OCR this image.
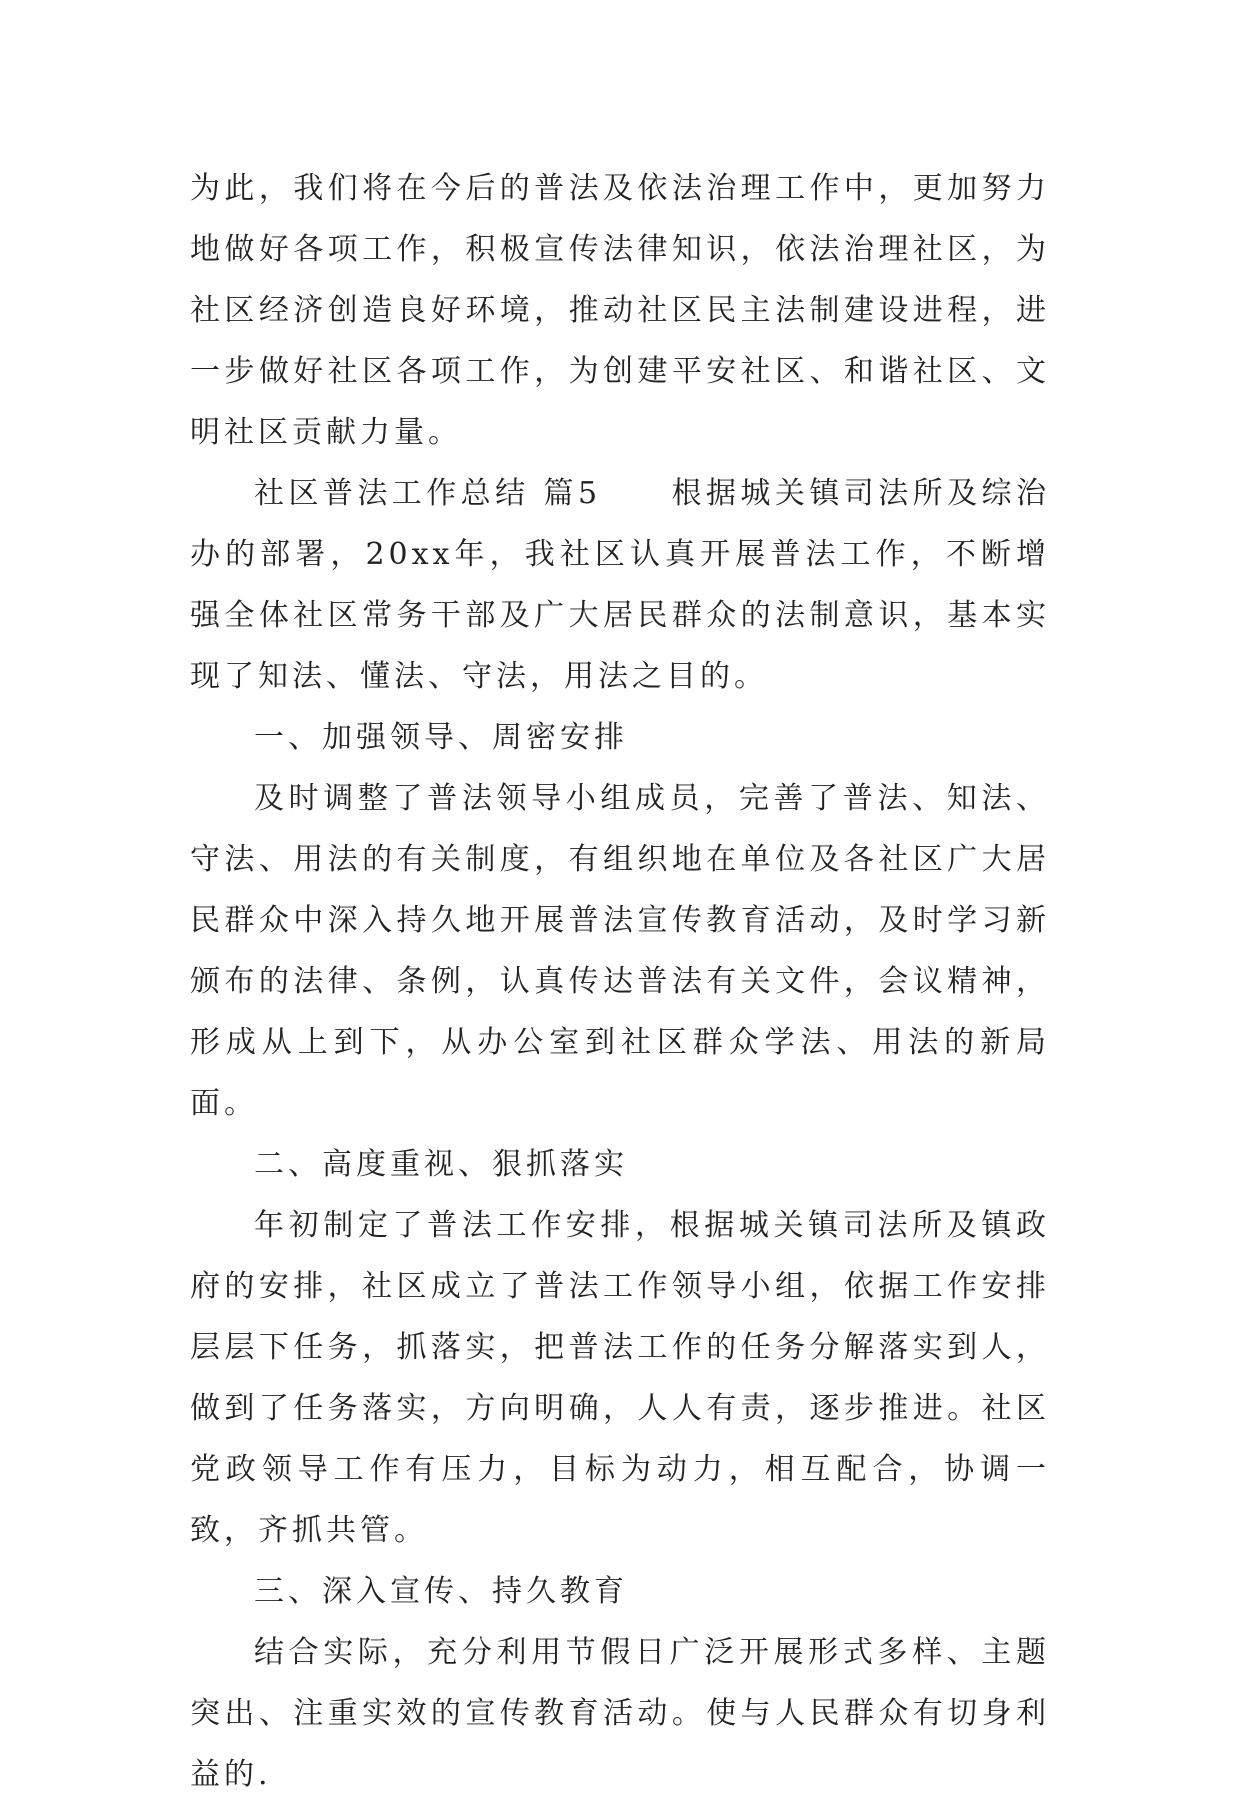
为此，我们将在今后的普法及依法治理工作中，更加努力地做好各项工作，积极宣传法律知识，依法治理社区，为社区经济创造良好环境，推动社区民主法制建设进程，进一步做好社区各项工作，为创建平安社区、和谐社区、文明社区贡献力量。

社区普法工作总结 篇5 根据城关镇司法所及综治办的部署，20xx年，我社区认真开展普法工作，不断增强全体社区常务干部及广大居民群众的法制意识，基本实现了知法、懂法、守法，用法之目的。

一、加强领导、周密安排

及时调整了普法领导小组成员，完善了普法、知法、守法、用法的有关制度，有组织地在单位及各社区广大居民群众中深入持久地开展普法宣传教育活动，及时学习新颁布的法律、条例，认真传达普法有关文件，会议精神，形成从上到下，从办公室到社区群众学法、用法的新局面。

二、高度重视、狠抓落实

年初制定了普法工作安排，根据城关镇司法所及镇政府的安排，社区成立了普法工作领导小组，依据工作安排层层下任务，抓落实，把普法工作的任务分解落实到人，做到了任务落实，方向明确，人人有责，逐步推进。社区党政领导工作有压力，目标为动力，相互配合，协调一致，齐抓共管。

三、深入宣传、持久教育

结合实际，充分利用节假日广泛开展形式多样、主题突出、注重实效的宣传教育活动。使与人民群众有切身利益的.
